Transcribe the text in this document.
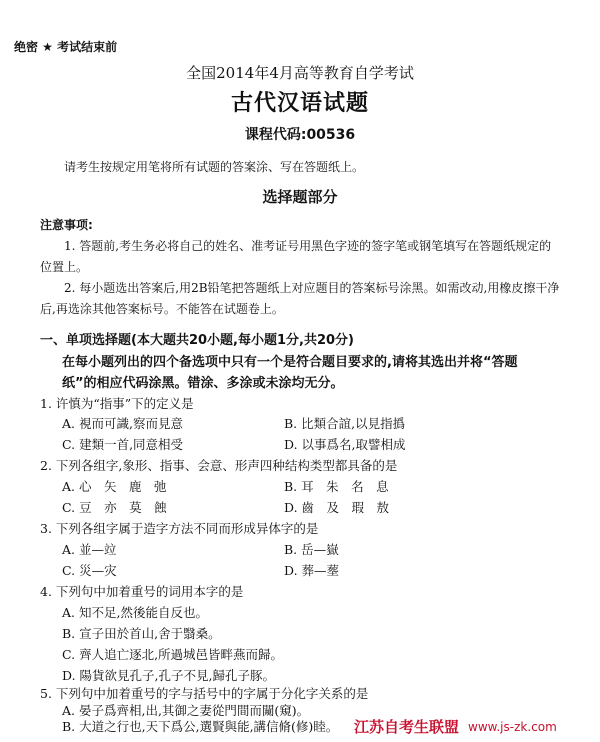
绝密 ★ 考试结束前
全国2014年4月高等教育自学考试
古代汉语试题
课程代码:00536
请考生按规定用笔将所有试题的答案涂、写在答题纸上。
选择题部分
注意事项:
1. 答题前,考生务必将自己的姓名、准考证号用黑色字迹的签字笔或钢笔填写在答题纸规定的位置上。
2. 每小题选出答案后,用2B铅笔把答题纸上对应题目的答案标号涂黑。如需改动,用橡皮擦干净后,再选涂其他答案标号。不能答在试题卷上。
一、单项选择题(本大题共20小题,每小题1分,共20分)
在每小题列出的四个备选项中只有一个是符合题目要求的,请将其选出并将“答题纸”的相应代码涂黑。错涂、多涂或未涂均无分。
1. 许慎为“指事”下的定义是
A. 視而可識,察而見意	B. 比類合誼,以見指撝
C. 建類一首,同意相受	D. 以事爲名,取譬相成
2. 下列各组字,象形、指事、会意、形声四种结构类型都具备的是
A. 心　矢　鹿　弛	B. 耳　朱　名　息
C. 豆　亦　莫　蝕	D. 齒　及　瑕　敖
3. 下列各组字属于造字方法不同而形成异体字的是
A. 並—竝	B. 岳—嶽
C. 災—灾	D. 葬—塟
4. 下列句中加着重号的词用本字的是
A. 知不足,然後能自反也。
B. 宣子田於首山,舍于翳桑。
C. 齊人追亡逐北,所過城邑皆畔燕而歸。
D. 陽貨欲見孔子,孔子不見,歸孔子豚。
5. 下列句中加着重号的字与括号中的字属于分化字关系的是
A. 晏子爲齊相,出,其御之妻從門間而闚(窺)。
B. 大道之行也,天下爲公,選賢與能,講信脩(修)睦。 江苏自考生联盟 www.js-zk.com
